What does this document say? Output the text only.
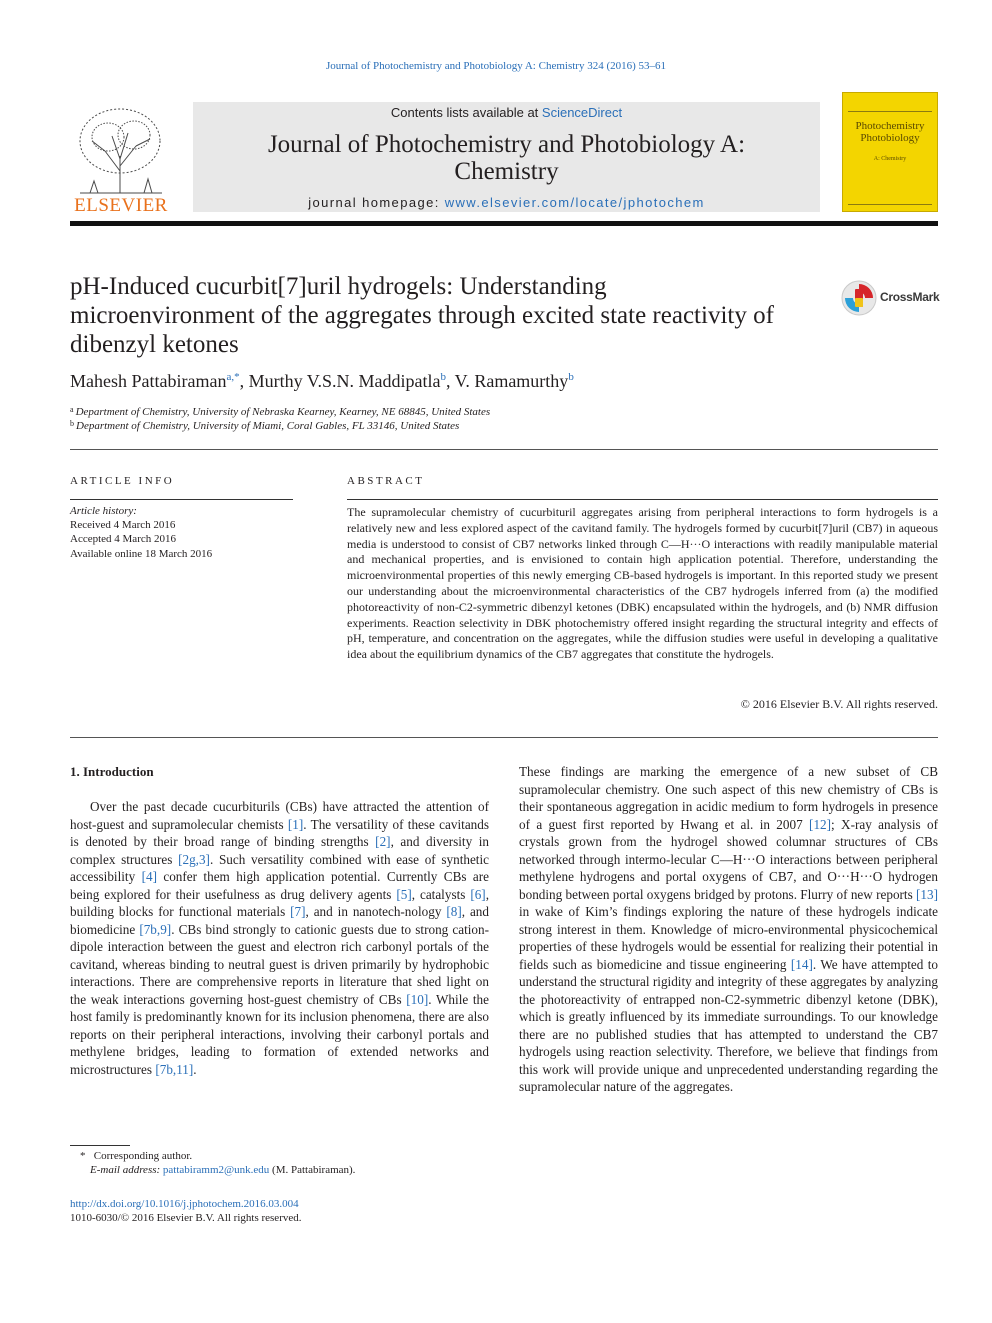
Journal of Photochemistry and Photobiology A: Chemistry 324 (2016) 53–61
ELSEVIER
Contents lists available at ScienceDirect
Journal of Photochemistry and Photobiology A:
Chemistry
journal homepage: www.elsevier.com/locate/jphotochem
Photochemistry
Photobiology
A: Chemistry
pH-Induced cucurbit[7]uril hydrogels: Understanding
microenvironment of the aggregates through excited state reactivity of
dibenzyl ketones
CrossMark
Mahesh Pattabiraman$^{a,*}$, Murthy V.S.N. Maddipatla$^b$, V. Ramamurthy$^b$
$^a$ Department of Chemistry, University of Nebraska Kearney, Kearney, NE 68845, United States
$^b$ Department of Chemistry, University of Miami, Coral Gables, FL 33146, United States
ARTICLE INFO
Article history:
Received 4 March 2016
Accepted 4 March 2016
Available online 18 March 2016
ABSTRACT
The supramolecular chemistry of cucurbituril aggregates arising from peripheral interactions to form hydrogels is a relatively new and less explored aspect of the cavitand family. The hydrogels formed by cucurbit[7]uril (CB7) in aqueous media is understood to consist of CB7 networks linked through C—H···O interactions with readily manipulable material and mechanical properties, and is envisioned to contain high application potential. Therefore, understanding the microenvironmental properties of this newly emerging CB-based hydrogels is important. In this reported study we present our understanding about the microenvironmental characteristics of the CB7 hydrogels inferred from (a) the modified photoreactivity of non-C2-symmetric dibenzyl ketones (DBK) encapsulated within the hydrogels, and (b) NMR diffusion experiments. Reaction selectivity in DBK photochemistry offered insight regarding the structural integrity and effects of pH, temperature, and concentration on the aggregates, while the diffusion studies were useful in developing a qualitative idea about the equilibrium dynamics of the CB7 aggregates that constitute the hydrogels.
© 2016 Elsevier B.V. All rights reserved.
1. Introduction
Over the past decade cucurbiturils (CBs) have attracted the attention of host-guest and supramolecular chemists [1]. The versatility of these cavitands is denoted by their broad range of binding strengths [2], and diversity in complex structures [2g,3]. Such versatility combined with ease of synthetic accessibility [4] confer them high application potential. Currently CBs are being explored for their usefulness as drug delivery agents [5], catalysts [6], building blocks for functional materials [7], and in nanotech-nology [8], and biomedicine [7b,9]. CBs bind strongly to cationic guests due to strong cation-dipole interaction between the guest and electron rich carbonyl portals of the cavitand, whereas binding to neutral guest is driven primarily by hydrophobic interactions. There are comprehensive reports in literature that shed light on the weak interactions governing host-guest chemistry of CBs [10]. While the host family is predominantly known for its inclusion phenomena, there are also reports on their peripheral interactions, involving their carbonyl portals and methylene bridges, leading to formation of extended networks and microstructures [7b,11].
These findings are marking the emergence of a new subset of CB supramolecular chemistry. One such aspect of this new chemistry of CBs is their spontaneous aggregation in acidic medium to form hydrogels in presence of a guest first reported by Hwang et al. in 2007 [12]; X-ray analysis of crystals grown from the hydrogel showed columnar structures of CBs networked through intermo-lecular C—H···O interactions between peripheral methylene hydrogens and portal oxygens of CB7, and O···H···O hydrogen bonding between portal oxygens bridged by protons. Flurry of new reports [13] in wake of Kim’s findings exploring the nature of these hydrogels indicate strong interest in them. Knowledge of micro-environmental physicochemical properties of these hydrogels would be essential for realizing their potential in fields such as biomedicine and tissue engineering [14]. We have attempted to understand the structural rigidity and integrity of these aggregates by analyzing the photoreactivity of entrapped non-C2-symmetric dibenzyl ketone (DBK), which is greatly influenced by its immediate surroundings. To our knowledge there are no published studies that has attempted to understand the CB7 hydrogels using reaction selectivity. Therefore, we believe that findings from this work will provide unique and unprecedented understanding regarding the supramolecular nature of the aggregates.
* Corresponding author.
E-mail address: pattabiramm2@unk.edu (M. Pattabiraman).
http://dx.doi.org/10.1016/j.jphotochem.2016.03.004
1010-6030/© 2016 Elsevier B.V. All rights reserved.
